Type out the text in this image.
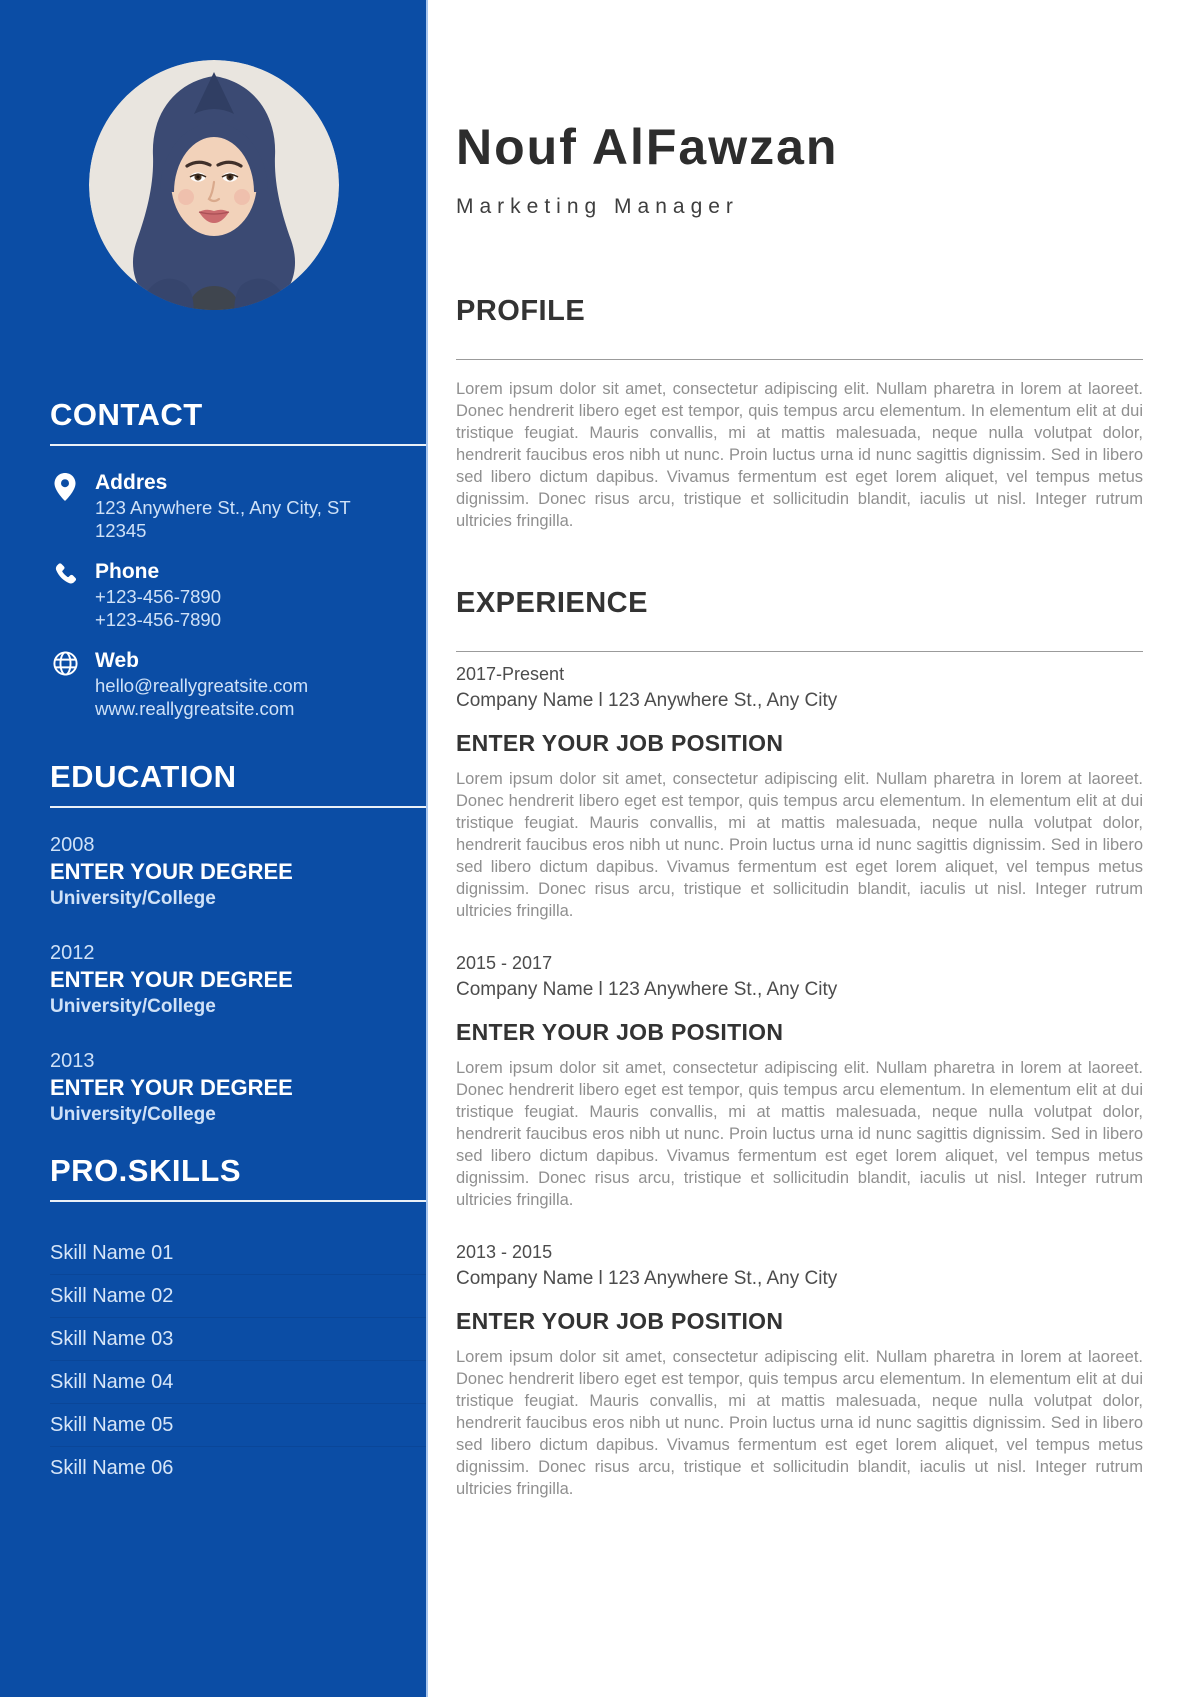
CONTACT
Addres
123 Anywhere St., Any City, ST
12345
Phone
+123-456-7890
+123-456-7890
Web
hello@reallygreatsite.com
www.reallygreatsite.com
EDUCATION
2008
ENTER YOUR DEGREE
University/College
2012
ENTER YOUR DEGREE
University/College
2013
ENTER YOUR DEGREE
University/College
PRO.SKILLS
Skill Name 01
Skill Name 02
Skill Name 03
Skill Name 04
Skill Name 05
Skill Name 06
Nouf AlFawzan
Marketing Manager
PROFILE

Lorem ipsum dolor sit amet, consectetur adipiscing elit. Nullam pharetra in lorem at laoreet. Donec hendrerit libero eget est tempor, quis tempus arcu elementum. In elementum elit at dui tristique feugiat. Mauris convallis, mi at mattis malesuada, neque nulla volutpat dolor, hendrerit faucibus eros nibh ut nunc. Proin luctus urna id nunc sagittis dignissim. Sed in libero sed libero dictum dapibus. Vivamus fermentum est eget lorem aliquet, vel tempus metus dignissim. Donec risus arcu, tristique et sollicitudin blandit, iaculis ut nisl. Integer rutrum ultricies fringilla.

EXPERIENCE
2017-Present
Company Name l 123 Anywhere St., Any City
ENTER YOUR JOB POSITION

Lorem ipsum dolor sit amet, consectetur adipiscing elit. Nullam pharetra in lorem at laoreet. Donec hendrerit libero eget est tempor, quis tempus arcu elementum. In elementum elit at dui tristique feugiat. Mauris convallis, mi at mattis malesuada, neque nulla volutpat dolor, hendrerit faucibus eros nibh ut nunc. Proin luctus urna id nunc sagittis dignissim. Sed in libero sed libero dictum dapibus. Vivamus fermentum est eget lorem aliquet, vel tempus metus dignissim. Donec risus arcu, tristique et sollicitudin blandit, iaculis ut nisl. Integer rutrum ultricies fringilla.

2015 - 2017
Company Name l 123 Anywhere St., Any City
ENTER YOUR JOB POSITION

Lorem ipsum dolor sit amet, consectetur adipiscing elit. Nullam pharetra in lorem at laoreet. Donec hendrerit libero eget est tempor, quis tempus arcu elementum. In elementum elit at dui tristique feugiat. Mauris convallis, mi at mattis malesuada, neque nulla volutpat dolor, hendrerit faucibus eros nibh ut nunc. Proin luctus urna id nunc sagittis dignissim. Sed in libero sed libero dictum dapibus. Vivamus fermentum est eget lorem aliquet, vel tempus metus dignissim. Donec risus arcu, tristique et sollicitudin blandit, iaculis ut nisl. Integer rutrum ultricies fringilla.

2013 - 2015
Company Name l 123 Anywhere St., Any City
ENTER YOUR JOB POSITION

Lorem ipsum dolor sit amet, consectetur adipiscing elit. Nullam pharetra in lorem at laoreet. Donec hendrerit libero eget est tempor, quis tempus arcu elementum. In elementum elit at dui tristique feugiat. Mauris convallis, mi at mattis malesuada, neque nulla volutpat dolor, hendrerit faucibus eros nibh ut nunc. Proin luctus urna id nunc sagittis dignissim. Sed in libero sed libero dictum dapibus. Vivamus fermentum est eget lorem aliquet, vel tempus metus dignissim. Donec risus arcu, tristique et sollicitudin blandit, iaculis ut nisl. Integer rutrum ultricies fringilla.
